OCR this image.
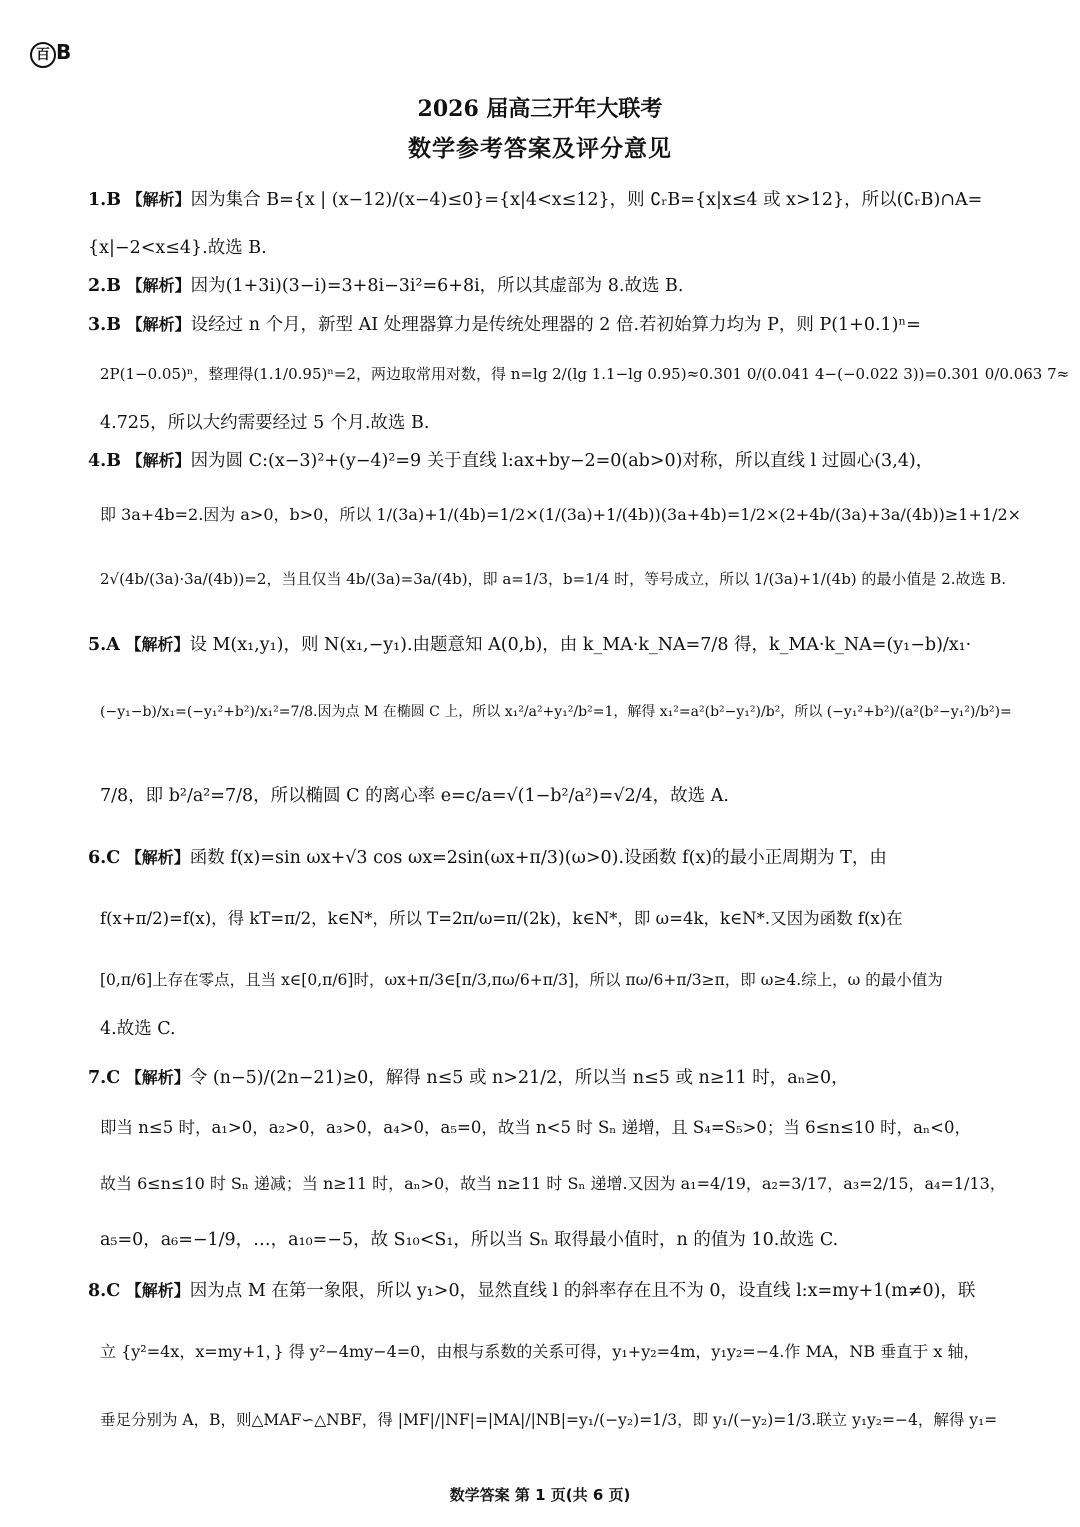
百 B
2026 届高三开年大联考
数学参考答案及评分意见
1.B 【解析】因为集合 B={x | (x−12)/(x−4)≤0}={x|4<x≤12}，则 ∁ᵣB={x|x≤4 或 x>12}，所以(∁ᵣB)∩A=
{x|−2<x≤4}.故选 B.
2.B 【解析】因为(1+3i)(3−i)=3+8i−3i²=6+8i，所以其虚部为 8.故选 B.
3.B 【解析】设经过 n 个月，新型 AI 处理器算力是传统处理器的 2 倍.若初始算力均为 P，则 P(1+0.1)ⁿ=
2P(1−0.05)ⁿ，整理得(1.1/0.95)ⁿ=2，两边取常用对数，得 n=lg 2/(lg 1.1−lg 0.95)≈0.301 0/(0.041 4−(−0.022 3))=0.301 0/0.063 7≈
4.725，所以大约需要经过 5 个月.故选 B.
4.B 【解析】因为圆 C:(x−3)²+(y−4)²=9 关于直线 l:ax+by−2=0(ab>0)对称，所以直线 l 过圆心(3,4)，
即 3a+4b=2.因为 a>0，b>0，所以 1/(3a)+1/(4b)=1/2×(1/(3a)+1/(4b))(3a+4b)=1/2×(2+4b/(3a)+3a/(4b))≥1+1/2×
2√(4b/(3a)·3a/(4b))=2，当且仅当 4b/(3a)=3a/(4b)，即 a=1/3，b=1/4 时，等号成立，所以 1/(3a)+1/(4b) 的最小值是 2.故选 B.
5.A 【解析】设 M(x₁,y₁)，则 N(x₁,−y₁).由题意知 A(0,b)，由 k_MA·k_NA=7/8 得，k_MA·k_NA=(y₁−b)/x₁·
(−y₁−b)/x₁=(−y₁²+b²)/x₁²=7/8.因为点 M 在椭圆 C 上，所以 x₁²/a²+y₁²/b²=1，解得 x₁²=a²(b²−y₁²)/b²，所以 (−y₁²+b²)/(a²(b²−y₁²)/b²)=
7/8，即 b²/a²=7/8，所以椭圆 C 的离心率 e=c/a=√(1−b²/a²)=√2/4，故选 A.
6.C 【解析】函数 f(x)=sin ωx+√3 cos ωx=2sin(ωx+π/3)(ω>0).设函数 f(x)的最小正周期为 T，由
f(x+π/2)=f(x)，得 kT=π/2，k∈N*，所以 T=2π/ω=π/(2k)，k∈N*，即 ω=4k，k∈N*.又因为函数 f(x)在
[0,π/6]上存在零点，且当 x∈[0,π/6]时，ωx+π/3∈[π/3,πω/6+π/3]，所以 πω/6+π/3≥π，即 ω≥4.综上，ω 的最小值为
4.故选 C.
7.C 【解析】令 (n−5)/(2n−21)≥0，解得 n≤5 或 n>21/2，所以当 n≤5 或 n≥11 时，aₙ≥0，
即当 n≤5 时，a₁>0，a₂>0，a₃>0，a₄>0，a₅=0，故当 n<5 时 Sₙ 递增，且 S₄=S₅>0；当 6≤n≤10 时，aₙ<0，
故当 6≤n≤10 时 Sₙ 递减；当 n≥11 时，aₙ>0，故当 n≥11 时 Sₙ 递增.又因为 a₁=4/19，a₂=3/17，a₃=2/15，a₄=1/13，
a₅=0，a₆=−1/9，…，a₁₀=−5，故 S₁₀<S₁，所以当 Sₙ 取得最小值时，n 的值为 10.故选 C.
8.C 【解析】因为点 M 在第一象限，所以 y₁>0，显然直线 l 的斜率存在且不为 0，设直线 l:x=my+1(m≠0)，联
立 {y²=4x，x=my+1，} 得 y²−4my−4=0，由根与系数的关系可得，y₁+y₂=4m，y₁y₂=−4.作 MA，NB 垂直于 x 轴，
垂足分别为 A，B，则△MAF∽△NBF，得 |MF|/|NF|=|MA|/|NB|=y₁/(−y₂)=1/3，即 y₁/(−y₂)=1/3.联立 y₁y₂=−4，解得 y₁=
数学答案 第 1 页(共 6 页)
